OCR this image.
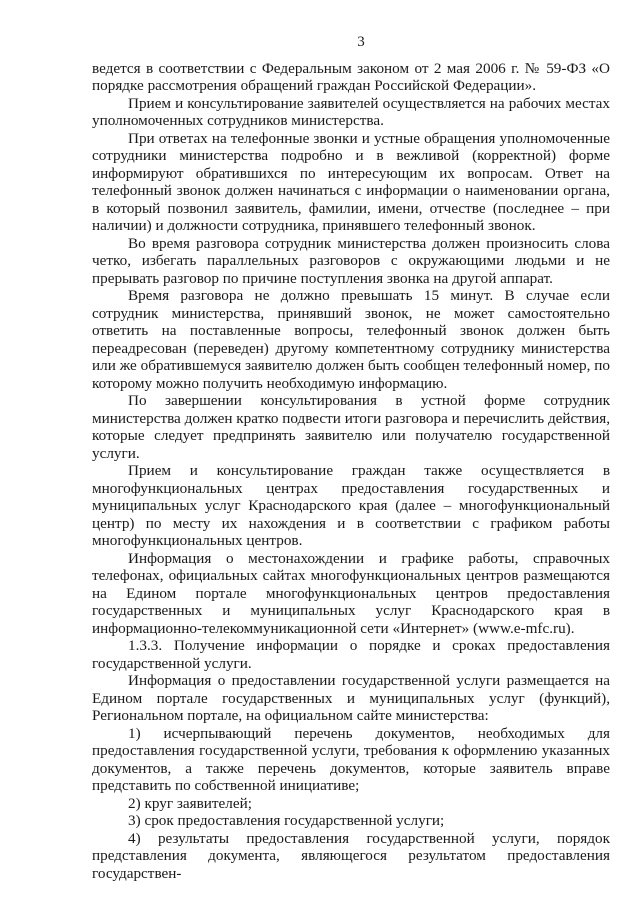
3

ведется в соответствии с Федеральным законом от 2 мая 2006 г. № 59-ФЗ «О порядке рассмотрения обращений граждан Российской Федерации».

Прием и консультирование заявителей осуществляется на рабочих местах уполномоченных сотрудников министерства.

При ответах на телефонные звонки и устные обращения уполномоченные сотрудники министерства подробно и в вежливой (корректной) форме информируют обратившихся по интересующим их вопросам. Ответ на телефонный звонок должен начинаться с информации о наименовании органа, в который позвонил заявитель, фамилии, имени, отчестве (последнее – при наличии) и должности сотрудника, принявшего телефонный звонок.

Во время разговора сотрудник министерства должен произносить слова четко, избегать параллельных разговоров с окружающими людьми и не прерывать разговор по причине поступления звонка на другой аппарат.

Время разговора не должно превышать 15 минут. В случае если сотрудник министерства, принявший звонок, не может самостоятельно ответить на поставленные вопросы, телефонный звонок должен быть переадресован (переведен) другому компетентному сотруднику министерства или же обратившемуся заявителю должен быть сообщен телефонный номер, по которому можно получить необходимую информацию.

По завершении консультирования в устной форме сотрудник министерства должен кратко подвести итоги разговора и перечислить действия, которые следует предпринять заявителю или получателю государственной услуги.

Прием и консультирование граждан также осуществляется в многофункциональных центрах предоставления государственных и муниципальных услуг Краснодарского края (далее – многофункциональный центр) по месту их нахождения и в соответствии с графиком работы многофункциональных центров.

Информация о местонахождении и графике работы, справочных телефонах, официальных сайтах многофункциональных центров размещаются на Едином портале многофункциональных центров предоставления государственных и муниципальных услуг Краснодарского края в информационно-телекоммуникационной сети «Интернет» (www.e-mfc.ru).

1.3.3. Получение информации о порядке и сроках предоставления государственной услуги.

Информация о предоставлении государственной услуги размещается на Едином портале государственных и муниципальных услуг (функций), Региональном портале, на официальном сайте министерства:

1) исчерпывающий перечень документов, необходимых для предоставления государственной услуги, требования к оформлению указанных документов, а также перечень документов, которые заявитель вправе представить по собственной инициативе;

2) круг заявителей;

3) срок предоставления государственной услуги;

4) результаты предоставления государственной услуги, порядок представления документа, являющегося результатом предоставления государствен-
